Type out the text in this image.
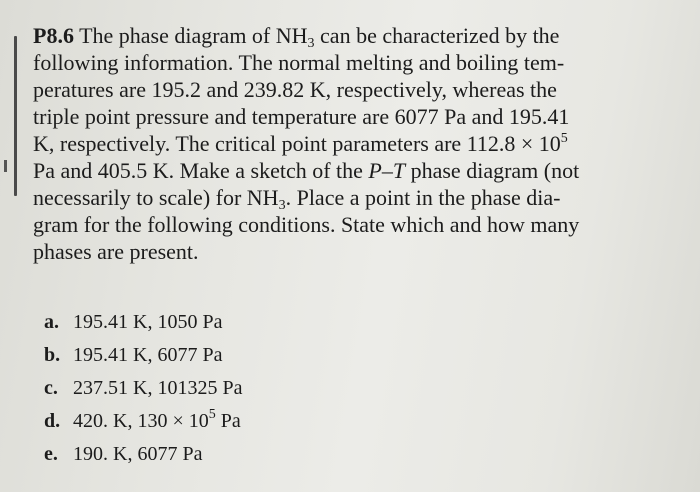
P8.6 The phase diagram of $NH_3$ can be characterized by the
following information. The normal melting and boiling tem-
peratures are 195.2 and 239.82 K, respectively, whereas the
triple point pressure and temperature are 6077 Pa and 195.41
K, respectively. The critical point parameters are $112.8 \times 10^5$
Pa and 405.5 K. Make a sketch of the P–T phase diagram (not
necessarily to scale) for $NH_3$. Place a point in the phase dia-
gram for the following conditions. State which and how many
phases are present.
a. 195.41 K, 1050 Pa
b. 195.41 K, 6077 Pa
c. 237.51 K, 101325 Pa
d. 420. K, $130 \times 10^5$ Pa
e. 190. K, 6077 Pa
